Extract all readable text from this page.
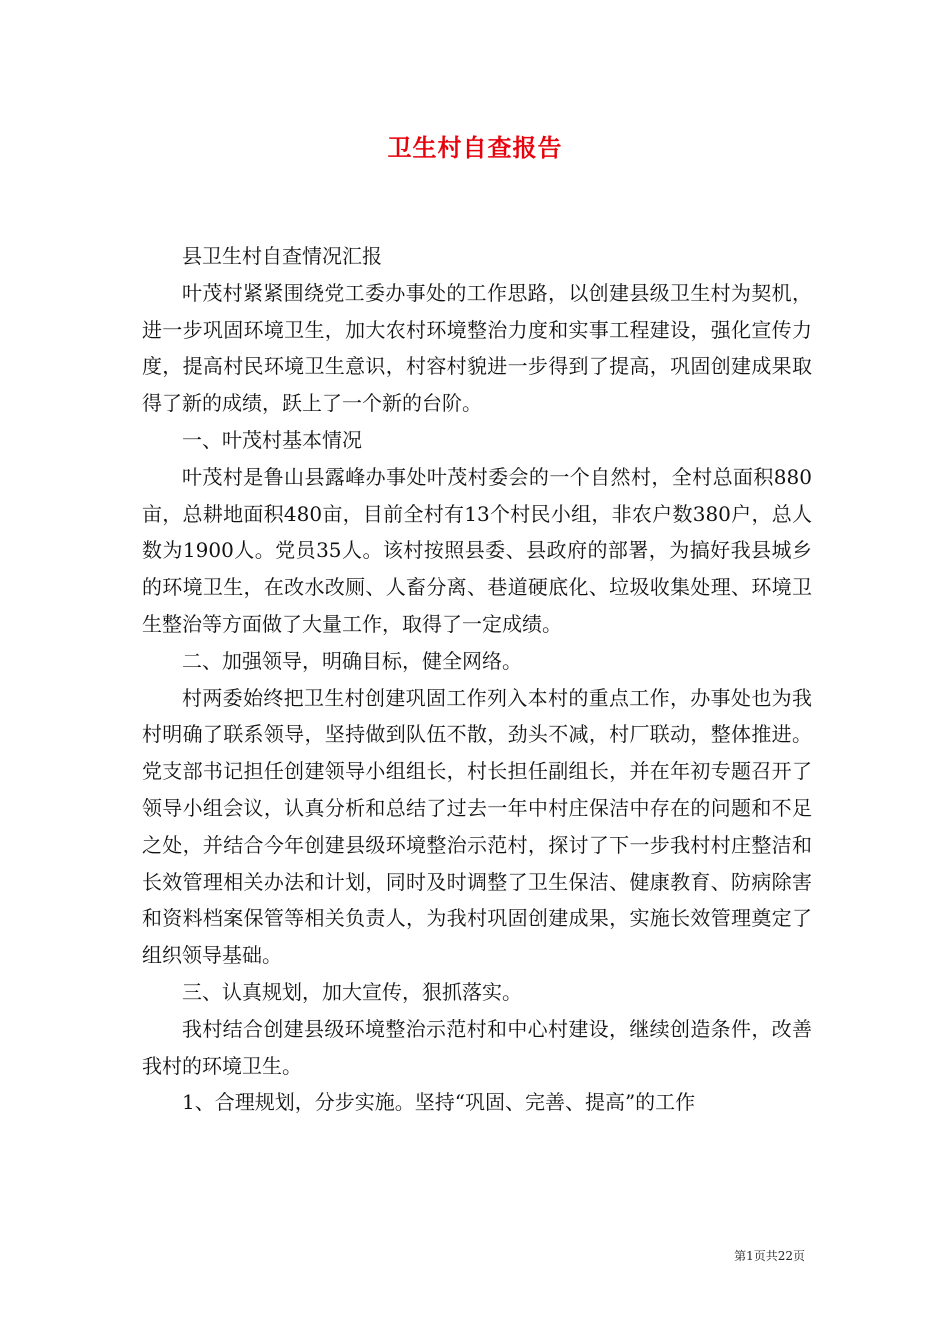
卫生村自查报告

县卫生村自查情况汇报

叶茂村紧紧围绕党工委办事处的工作思路，以创建县级卫生村为契机，进一步巩固环境卫生，加大农村环境整治力度和实事工程建设，强化宣传力度，提高村民环境卫生意识，村容村貌进一步得到了提高，巩固创建成果取得了新的成绩，跃上了一个新的台阶。

一、叶茂村基本情况

叶茂村是鲁山县露峰办事处叶茂村委会的一个自然村，全村总面积880亩，总耕地面积480亩，目前全村有13个村民小组，非农户数380户，总人数为1900人。党员35人。该村按照县委、县政府的部署，为搞好我县城乡的环境卫生，在改水改厕、人畜分离、巷道硬底化、垃圾收集处理、环境卫生整治等方面做了大量工作，取得了一定成绩。

二、加强领导，明确目标，健全网络。

村两委始终把卫生村创建巩固工作列入本村的重点工作，办事处也为我村明确了联系领导，坚持做到队伍不散，劲头不减，村厂联动，整体推进。党支部书记担任创建领导小组组长，村长担任副组长，并在年初专题召开了领导小组会议，认真分析和总结了过去一年中村庄保洁中存在的问题和不足之处，并结合今年创建县级环境整治示范村，探讨了下一步我村村庄整洁和长效管理相关办法和计划，同时及时调整了卫生保洁、健康教育、防病除害和资料档案保管等相关负责人，为我村巩固创建成果，实施长效管理奠定了组织领导基础。

三、认真规划，加大宣传，狠抓落实。

我村结合创建县级环境整治示范村和中心村建设，继续创造条件，改善我村的环境卫生。

1、合理规划，分步实施。坚持“巩固、完善、提高”的工作

第1页共22页
